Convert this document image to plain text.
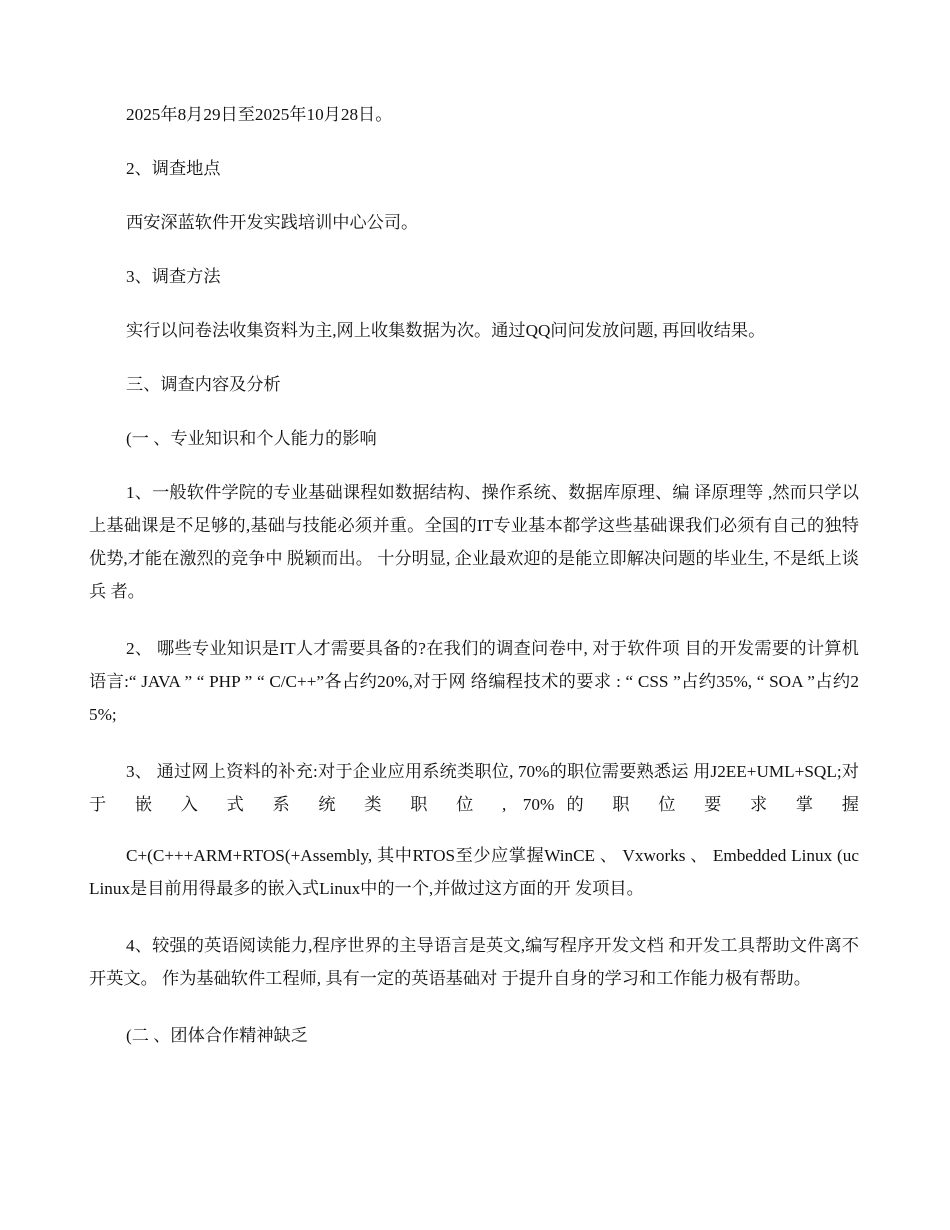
2025年8月29日至2025年10月28日。

2、调查地点

西安深蓝软件开发实践培训中心公司。

3、调查方法

实行以问卷法收集资料为主,网上收集数据为次。通过QQ问问发放问题, 再回收结果。

三、调查内容及分析

(一 、专业知识和个人能力的影响

1、一般软件学院的专业基础课程如数据结构、操作系统、数据库原理、编 译原理等 ,然而只学以上基础课是不足够的,基础与技能必须并重。全国的IT专业基本都学这些基础课我们必须有自己的独特优势,才能在激烈的竞争中 脱颖而出。 十分明显, 企业最欢迎的是能立即解决问题的毕业生, 不是纸上谈兵 者。

2、 哪些专业知识是IT人才需要具备的?在我们的调查问卷中, 对于软件项 目的开发需要的计算机语言:“ JAVA ” “ PHP ” “ C/C++”各占约20%,对于网 络编程技术的要求 : “ CSS ”占约35%, “ SOA ”占约25%;

3、 通过网上资料的补充:对于企业应用系统类职位, 70%的职位需要熟悉运 用J2EE+UML+SQL;对 于 嵌 入 式 系 统 类 职 位 , 70%的 职 位 要 求 掌 握

C+(C+++ARM+RTOS(+Assembly, 其中RTOS至少应掌握WinCE 、 Vxworks 、 Embedded Linux (ucLinux是目前用得最多的嵌入式Linux中的一个,并做过这方面的开 发项目。

4、较强的英语阅读能力,程序世界的主导语言是英文,编写程序开发文档 和开发工具帮助文件离不开英文。 作为基础软件工程师, 具有一定的英语基础对 于提升自身的学习和工作能力极有帮助。

(二 、团体合作精神缺乏
